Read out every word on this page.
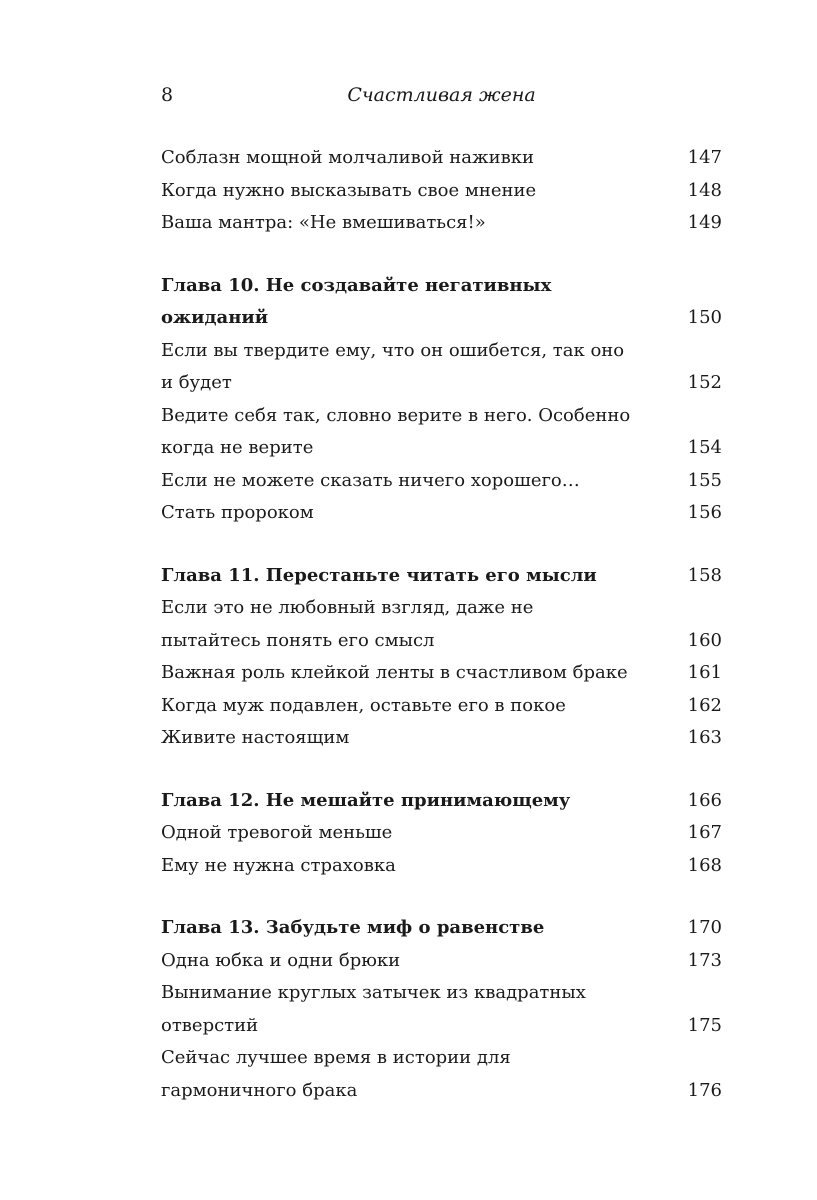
8	Счастливая жена
Соблазн мощной молчаливой наживки	147
Когда нужно высказывать свое мнение	148
Ваша мантра: «Не вмешиваться!»	149
Глава 10. Не создавайте негативных ожиданий	150
Если вы твердите ему, что он ошибется, так оно и будет	152
Ведите себя так, словно верите в него. Особенно когда не верите	154
Если не можете сказать ничего хорошего…	155
Стать пророком	156
Глава 11. Перестаньте читать его мысли	158
Если это не любовный взгляд, даже не пытайтесь понять его смысл	160
Важная роль клейкой ленты в счастливом браке	161
Когда муж подавлен, оставьте его в покое	162
Живите настоящим	163
Глава 12. Не мешайте принимающему	166
Одной тревогой меньше	167
Ему не нужна страховка	168
Глава 13. Забудьте миф о равенстве	170
Одна юбка и одни брюки	173
Вынимание круглых затычек из квадратных отверстий	175
Сейчас лучшее время в истории для гармоничного брака	176
